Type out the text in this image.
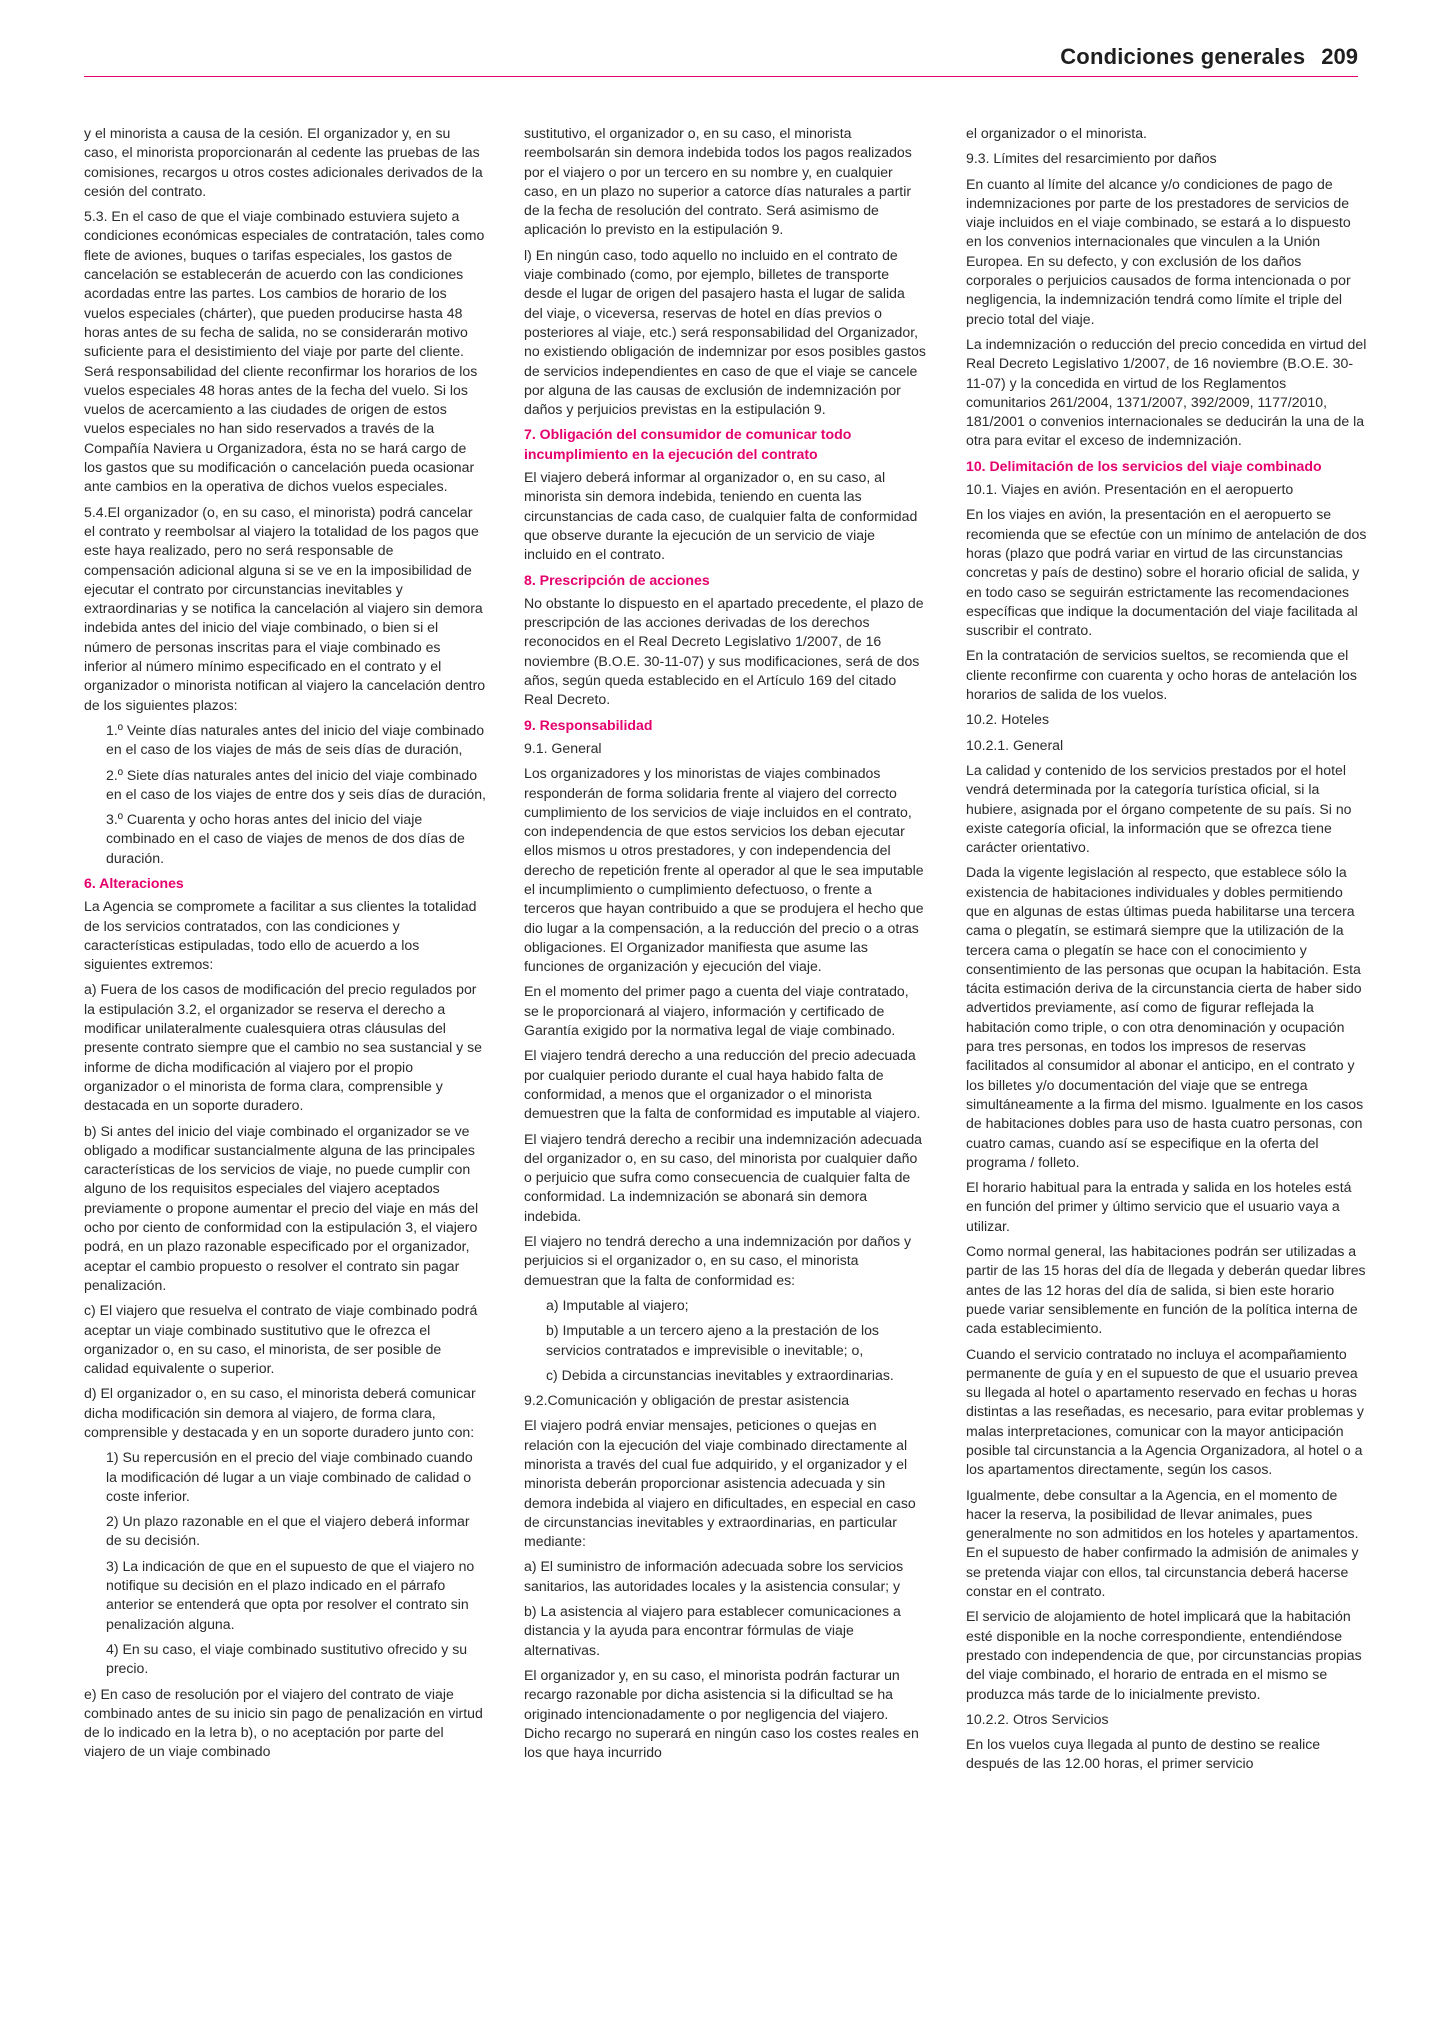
Condiciones generales 209

y el minorista a causa de la cesión. El organizador y, en su caso, el minorista proporcionarán al cedente las pruebas de las comisiones, recargos u otros costes adicionales derivados de la cesión del contrato.

5.3. En el caso de que el viaje combinado estuviera sujeto a condiciones económicas especiales de contratación, tales como flete de aviones, buques o tarifas especiales, los gastos de cancelación se establecerán de acuerdo con las condiciones acordadas entre las partes. Los cambios de horario de los vuelos especiales (chárter), que pueden producirse hasta 48 horas antes de su fecha de salida, no se considerarán motivo suficiente para el desistimiento del viaje por parte del cliente. Será responsabilidad del cliente reconfirmar los horarios de los vuelos especiales 48 horas antes de la fecha del vuelo. Si los vuelos de acercamiento a las ciudades de origen de estos vuelos especiales no han sido reservados a través de la Compañía Naviera u Organizadora, ésta no se hará cargo de los gastos que su modificación o cancelación pueda ocasionar ante cambios en la operativa de dichos vuelos especiales.

5.4.El organizador (o, en su caso, el minorista) podrá cancelar el contrato y reembolsar al viajero la totalidad de los pagos que este haya realizado, pero no será responsable de compensación adicional alguna si se ve en la imposibilidad de ejecutar el contrato por circunstancias inevitables y extraordinarias y se notifica la cancelación al viajero sin demora indebida antes del inicio del viaje combinado, o bien si el número de personas inscritas para el viaje combinado es inferior al número mínimo especificado en el contrato y el organizador o minorista notifican al viajero la cancelación dentro de los siguientes plazos:

1.º Veinte días naturales antes del inicio del viaje combinado en el caso de los viajes de más de seis días de duración,

2.º Siete días naturales antes del inicio del viaje combinado en el caso de los viajes de entre dos y seis días de duración,

3.º Cuarenta y ocho horas antes del inicio del viaje combinado en el caso de viajes de menos de dos días de duración.

6. Alteraciones

La Agencia se compromete a facilitar a sus clientes la totalidad de los servicios contratados, con las condiciones y características estipuladas, todo ello de acuerdo a los siguientes extremos:

a) Fuera de los casos de modificación del precio regulados por la estipulación 3.2, el organizador se reserva el derecho a modificar unilateralmente cualesquiera otras cláusulas del presente contrato siempre que el cambio no sea sustancial y se informe de dicha modificación al viajero por el propio organizador o el minorista de forma clara, comprensible y destacada en un soporte duradero.

b) Si antes del inicio del viaje combinado el organizador se ve obligado a modificar sustancialmente alguna de las principales características de los servicios de viaje, no puede cumplir con alguno de los requisitos especiales del viajero aceptados previamente o propone aumentar el precio del viaje en más del ocho por ciento de conformidad con la estipulación 3, el viajero podrá, en un plazo razonable especificado por el organizador, aceptar el cambio propuesto o resolver el contrato sin pagar penalización.

c) El viajero que resuelva el contrato de viaje combinado podrá aceptar un viaje combinado sustitutivo que le ofrezca el organizador o, en su caso, el minorista, de ser posible de calidad equivalente o superior.

d) El organizador o, en su caso, el minorista deberá comunicar dicha modificación sin demora al viajero, de forma clara, comprensible y destacada y en un soporte duradero junto con:

1) Su repercusión en el precio del viaje combinado cuando la modificación dé lugar a un viaje combinado de calidad o coste inferior.

2) Un plazo razonable en el que el viajero deberá informar de su decisión.

3) La indicación de que en el supuesto de que el viajero no notifique su decisión en el plazo indicado en el párrafo anterior se entenderá que opta por resolver el contrato sin penalización alguna.

4) En su caso, el viaje combinado sustitutivo ofrecido y su precio.

e) En caso de resolución por el viajero del contrato de viaje combinado antes de su inicio sin pago de penalización en virtud de lo indicado en la letra b), o no aceptación por parte del viajero de un viaje combinado

sustitutivo, el organizador o, en su caso, el minorista reembolsarán sin demora indebida todos los pagos realizados por el viajero o por un tercero en su nombre y, en cualquier caso, en un plazo no superior a catorce días naturales a partir de la fecha de resolución del contrato. Será asimismo de aplicación lo previsto en la estipulación 9.

l) En ningún caso, todo aquello no incluido en el contrato de viaje combinado (como, por ejemplo, billetes de transporte desde el lugar de origen del pasajero hasta el lugar de salida del viaje, o viceversa, reservas de hotel en días previos o posteriores al viaje, etc.) será responsabilidad del Organizador, no existiendo obligación de indemnizar por esos posibles gastos de servicios independientes en caso de que el viaje se cancele por alguna de las causas de exclusión de indemnización por daños y perjuicios previstas en la estipulación 9.

7. Obligación del consumidor de comunicar todo incumplimiento en la ejecución del contrato

El viajero deberá informar al organizador o, en su caso, al minorista sin demora indebida, teniendo en cuenta las circunstancias de cada caso, de cualquier falta de conformidad que observe durante la ejecución de un servicio de viaje incluido en el contrato.

8. Prescripción de acciones

No obstante lo dispuesto en el apartado precedente, el plazo de prescripción de las acciones derivadas de los derechos reconocidos en el Real Decreto Legislativo 1/2007, de 16 noviembre (B.O.E. 30-11-07) y sus modificaciones, será de dos años, según queda establecido en el Artículo 169 del citado Real Decreto.

9. Responsabilidad

9.1. General

Los organizadores y los minoristas de viajes combinados responderán de forma solidaria frente al viajero del correcto cumplimiento de los servicios de viaje incluidos en el contrato, con independencia de que estos servicios los deban ejecutar ellos mismos u otros prestadores, y con independencia del derecho de repetición frente al operador al que le sea imputable el incumplimiento o cumplimiento defectuoso, o frente a terceros que hayan contribuido a que se produjera el hecho que dio lugar a la compensación, a la reducción del precio o a otras obligaciones. El Organizador manifiesta que asume las funciones de organización y ejecución del viaje.

En el momento del primer pago a cuenta del viaje contratado, se le proporcionará al viajero, información y certificado de Garantía exigido por la normativa legal de viaje combinado.

El viajero tendrá derecho a una reducción del precio adecuada por cualquier periodo durante el cual haya habido falta de conformidad, a menos que el organizador o el minorista demuestren que la falta de conformidad es imputable al viajero.

El viajero tendrá derecho a recibir una indemnización adecuada del organizador o, en su caso, del minorista por cualquier daño o perjuicio que sufra como consecuencia de cualquier falta de conformidad. La indemnización se abonará sin demora indebida.

El viajero no tendrá derecho a una indemnización por daños y perjuicios si el organizador o, en su caso, el minorista demuestran que la falta de conformidad es:

a) Imputable al viajero;

b) Imputable a un tercero ajeno a la prestación de los servicios contratados e imprevisible o inevitable; o,

c) Debida a circunstancias inevitables y extraordinarias.

9.2.Comunicación y obligación de prestar asistencia

El viajero podrá enviar mensajes, peticiones o quejas en relación con la ejecución del viaje combinado directamente al minorista a través del cual fue adquirido, y el organizador y el minorista deberán proporcionar asistencia adecuada y sin demora indebida al viajero en dificultades, en especial en caso de circunstancias inevitables y extraordinarias, en particular mediante:

a) El suministro de información adecuada sobre los servicios sanitarios, las autoridades locales y la asistencia consular; y

b) La asistencia al viajero para establecer comunicaciones a distancia y la ayuda para encontrar fórmulas de viaje alternativas.

El organizador y, en su caso, el minorista podrán facturar un recargo razonable por dicha asistencia si la dificultad se ha originado intencionadamente o por negligencia del viajero. Dicho recargo no superará en ningún caso los costes reales en los que haya incurrido

el organizador o el minorista.

9.3. Límites del resarcimiento por daños

En cuanto al límite del alcance y/o condiciones de pago de indemnizaciones por parte de los prestadores de servicios de viaje incluidos en el viaje combinado, se estará a lo dispuesto en los convenios internacionales que vinculen a la Unión Europea. En su defecto, y con exclusión de los daños corporales o perjuicios causados de forma intencionada o por negligencia, la indemnización tendrá como límite el triple del precio total del viaje.

La indemnización o reducción del precio concedida en virtud del Real Decreto Legislativo 1/2007, de 16 noviembre (B.O.E. 30-11-07) y la concedida en virtud de los Reglamentos comunitarios 261/2004, 1371/2007, 392/2009, 1177/2010, 181/2001 o convenios internacionales se deducirán la una de la otra para evitar el exceso de indemnización.

10. Delimitación de los servicios del viaje combinado

10.1. Viajes en avión. Presentación en el aeropuerto

En los viajes en avión, la presentación en el aeropuerto se recomienda que se efectúe con un mínimo de antelación de dos horas (plazo que podrá variar en virtud de las circunstancias concretas y país de destino) sobre el horario oficial de salida, y en todo caso se seguirán estrictamente las recomendaciones específicas que indique la documentación del viaje facilitada al suscribir el contrato.

En la contratación de servicios sueltos, se recomienda que el cliente reconfirme con cuarenta y ocho horas de antelación los horarios de salida de los vuelos.

10.2. Hoteles

10.2.1. General

La calidad y contenido de los servicios prestados por el hotel vendrá determinada por la categoría turística oficial, si la hubiere, asignada por el órgano competente de su país. Si no existe categoría oficial, la información que se ofrezca tiene carácter orientativo.

Dada la vigente legislación al respecto, que establece sólo la existencia de habitaciones individuales y dobles permitiendo que en algunas de estas últimas pueda habilitarse una tercera cama o plegatín, se estimará siempre que la utilización de la tercera cama o plegatín se hace con el conocimiento y consentimiento de las personas que ocupan la habitación. Esta tácita estimación deriva de la circunstancia cierta de haber sido advertidos previamente, así como de figurar reflejada la habitación como triple, o con otra denominación y ocupación para tres personas, en todos los impresos de reservas facilitados al consumidor al abonar el anticipo, en el contrato y los billetes y/o documentación del viaje que se entrega simultáneamente a la firma del mismo. Igualmente en los casos de habitaciones dobles para uso de hasta cuatro personas, con cuatro camas, cuando así se especifique en la oferta del programa / folleto.

El horario habitual para la entrada y salida en los hoteles está en función del primer y último servicio que el usuario vaya a utilizar.

Como normal general, las habitaciones podrán ser utilizadas a partir de las 15 horas del día de llegada y deberán quedar libres antes de las 12 horas del día de salida, si bien este horario puede variar sensiblemente en función de la política interna de cada establecimiento.

Cuando el servicio contratado no incluya el acompañamiento permanente de guía y en el supuesto de que el usuario prevea su llegada al hotel o apartamento reservado en fechas u horas distintas a las reseñadas, es necesario, para evitar problemas y malas interpretaciones, comunicar con la mayor anticipación posible tal circunstancia a la Agencia Organizadora, al hotel o a los apartamentos directamente, según los casos.

Igualmente, debe consultar a la Agencia, en el momento de hacer la reserva, la posibilidad de llevar animales, pues generalmente no son admitidos en los hoteles y apartamentos. En el supuesto de haber confirmado la admisión de animales y se pretenda viajar con ellos, tal circunstancia deberá hacerse constar en el contrato.

El servicio de alojamiento de hotel implicará que la habitación esté disponible en la noche correspondiente, entendiéndose prestado con independencia de que, por circunstancias propias del viaje combinado, el horario de entrada en el mismo se produzca más tarde de lo inicialmente previsto.

10.2.2. Otros Servicios

En los vuelos cuya llegada al punto de destino se realice después de las 12.00 horas, el primer servicio
